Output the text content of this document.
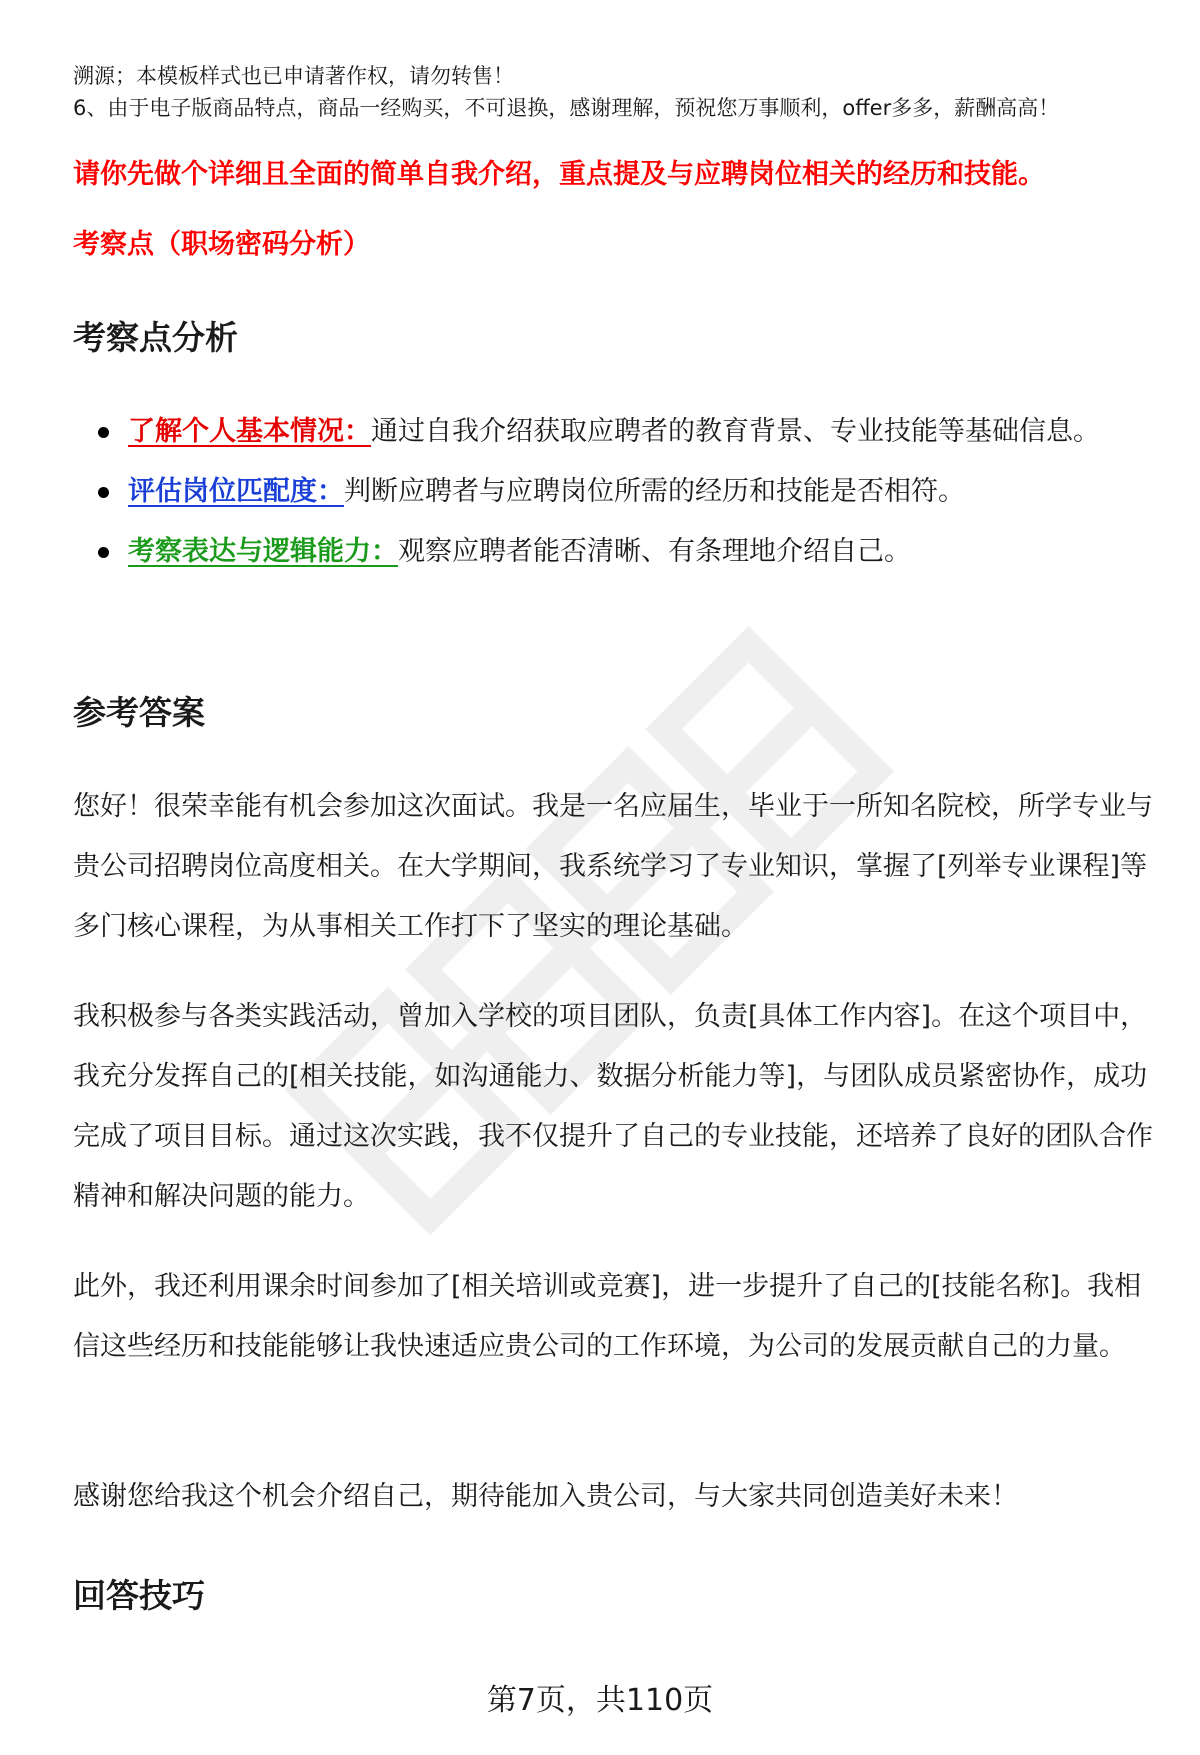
溯源；本模板样式也已申请著作权，请勿转售！
6、由于电子版商品特点，商品一经购买，不可退换，感谢理解，预祝您万事顺利，offer多多，薪酬高高！
请你先做个详细且全面的简单自我介绍，重点提及与应聘岗位相关的经历和技能。
考察点（职场密码分析）
考察点分析
了解个人基本情况：通过自我介绍获取应聘者的教育背景、专业技能等基础信息。
评估岗位匹配度：判断应聘者与应聘岗位所需的经历和技能是否相符。
考察表达与逻辑能力：观察应聘者能否清晰、有条理地介绍自己。
参考答案
您好！很荣幸能有机会参加这次面试。我是一名应届生，毕业于一所知名院校，所学专业与贵公司招聘岗位高度相关。在大学期间，我系统学习了专业知识，掌握了[列举专业课程]等多门核心课程，为从事相关工作打下了坚实的理论基础。
我积极参与各类实践活动，曾加入学校的项目团队，负责[具体工作内容]。在这个项目中，我充分发挥自己的[相关技能，如沟通能力、数据分析能力等]，与团队成员紧密协作，成功完成了项目目标。通过这次实践，我不仅提升了自己的专业技能，还培养了良好的团队合作精神和解决问题的能力。
此外，我还利用课余时间参加了[相关培训或竞赛]，进一步提升了自己的[技能名称]。我相信这些经历和技能能够让我快速适应贵公司的工作环境，为公司的发展贡献自己的力量。
感谢您给我这个机会介绍自己，期待能加入贵公司，与大家共同创造美好未来！
回答技巧
第7页，共110页
